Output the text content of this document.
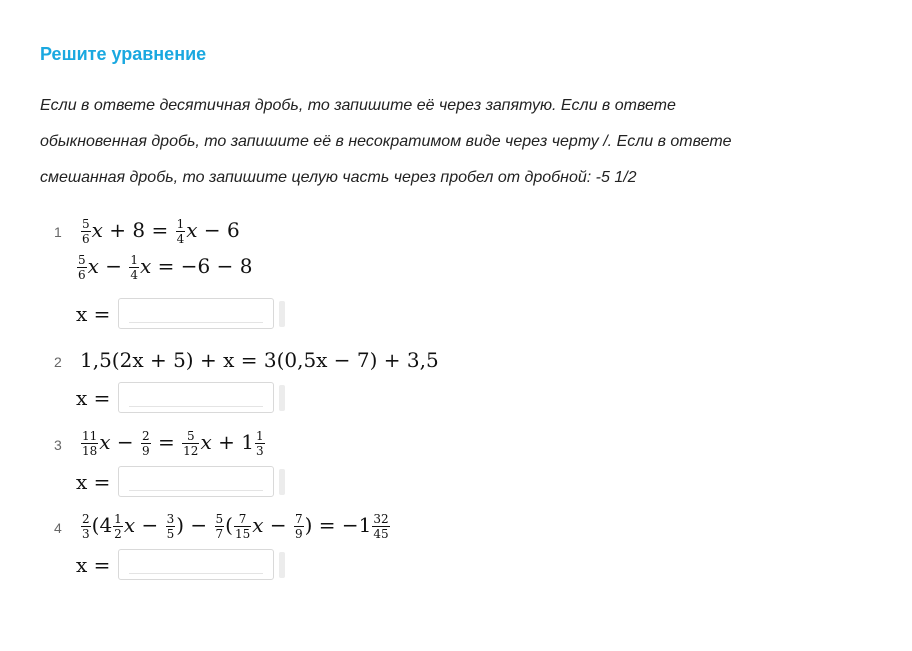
Решите уравнение
Если в ответе десятичная дробь, то запишите её через запятую. Если в ответе
обыкновенная дробь, то запишите её в несократимом виде через черту /. Если в ответе
смешанная дробь, то запишите целую часть через пробел от дробной: -5 1/2
$1 \frac{5}{6}$ $x + 8 = \frac{1}{4}$ x − 6
$\frac{5}{6}$ $x - \frac{1}{4}$ x = −6 − 8
x =
2 1,5(2x + 5) + x = 3(0,5x − 7) + 3,5
x =
$3 \frac{11}{18}$ $x - \frac{2}{9} = \frac{5}{12}$ $x + 1 \frac{1}{3}$
x =
$4 \frac{2}{3} (4 \frac{1}{2}$ $x - \frac{3}{5}$ ) − $\frac{5}{7}$ ( $\frac{7}{15}$ $x - \frac{7}{9}$ ) = $-1 \frac{32}{45}$
x =
